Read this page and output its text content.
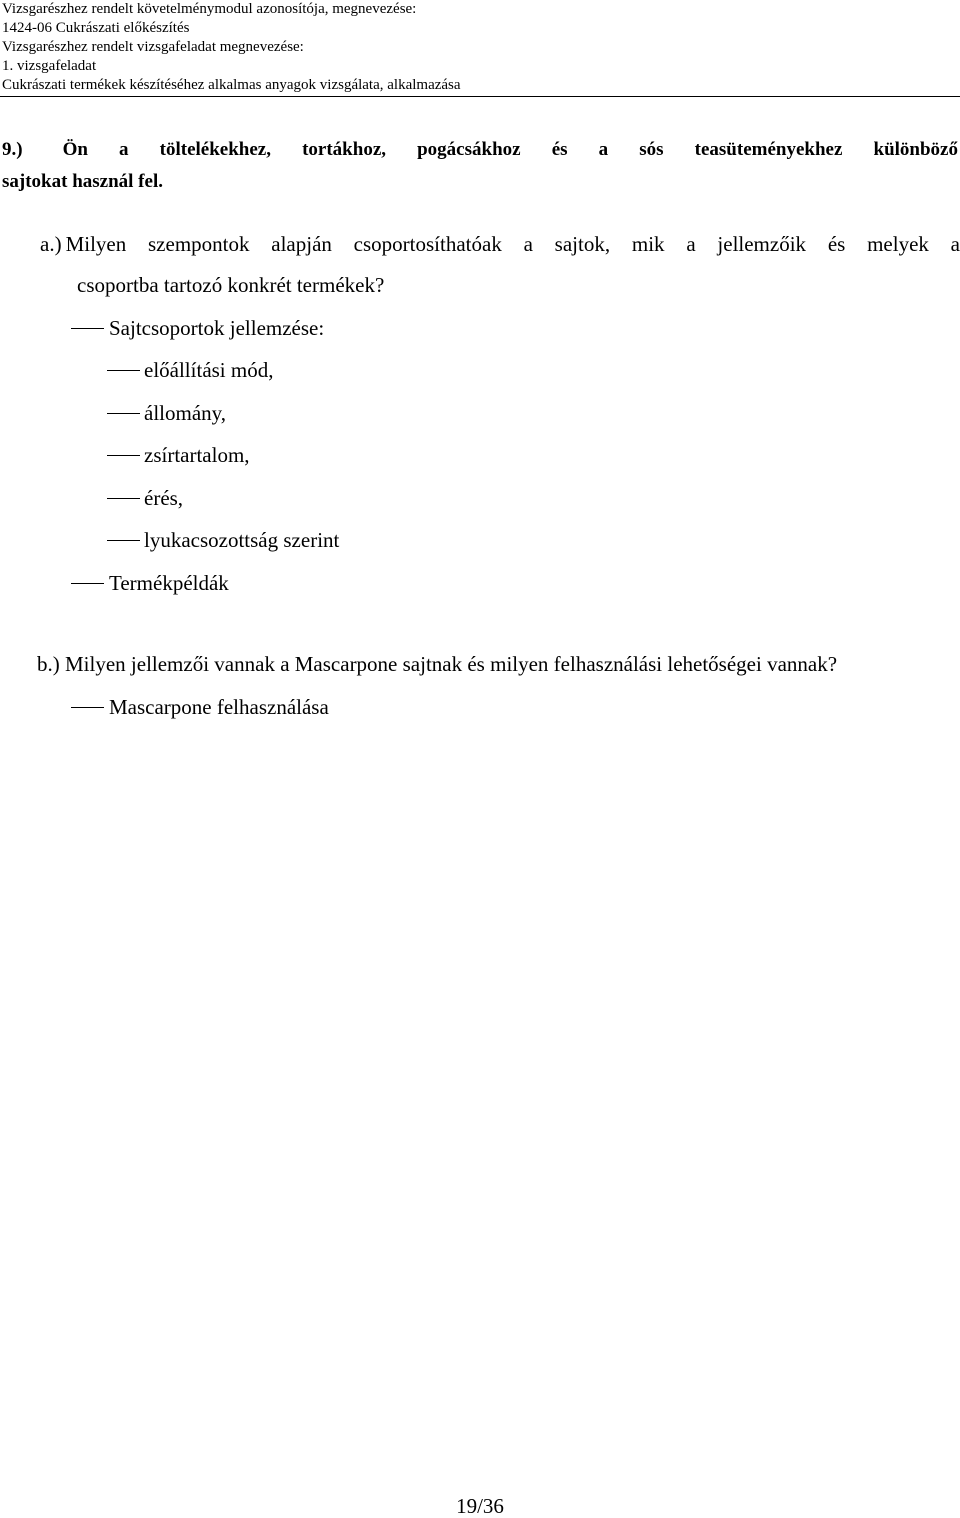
Vizsgarészhez rendelt követelménymodul azonosítója, megnevezése:
1424-06 Cukrászati előkészítés
Vizsgarészhez rendelt vizsgafeladat megnevezése:
1. vizsgafeladat
Cukrászati termékek készítéséhez alkalmas anyagok vizsgálata, alkalmazása
9.) Ön a töltelékekhez, tortákhoz, pogácsákhoz és a sós teasüteményekhez különböző
sajtokat használ fel.
a.) Milyen szempontok alapján csoportosíthatóak a sajtok, mik a jellemzőik és melyek a
csoportba tartozó konkrét termékek?
Sajtcsoportok jellemzése:
előállítási mód,
állomány,
zsírtartalom,
érés,
lyukacsozottság szerint
Termékpéldák
b.) Milyen jellemzői vannak a Mascarpone sajtnak és milyen felhasználási lehetőségei vannak?
Mascarpone felhasználása
19/36
